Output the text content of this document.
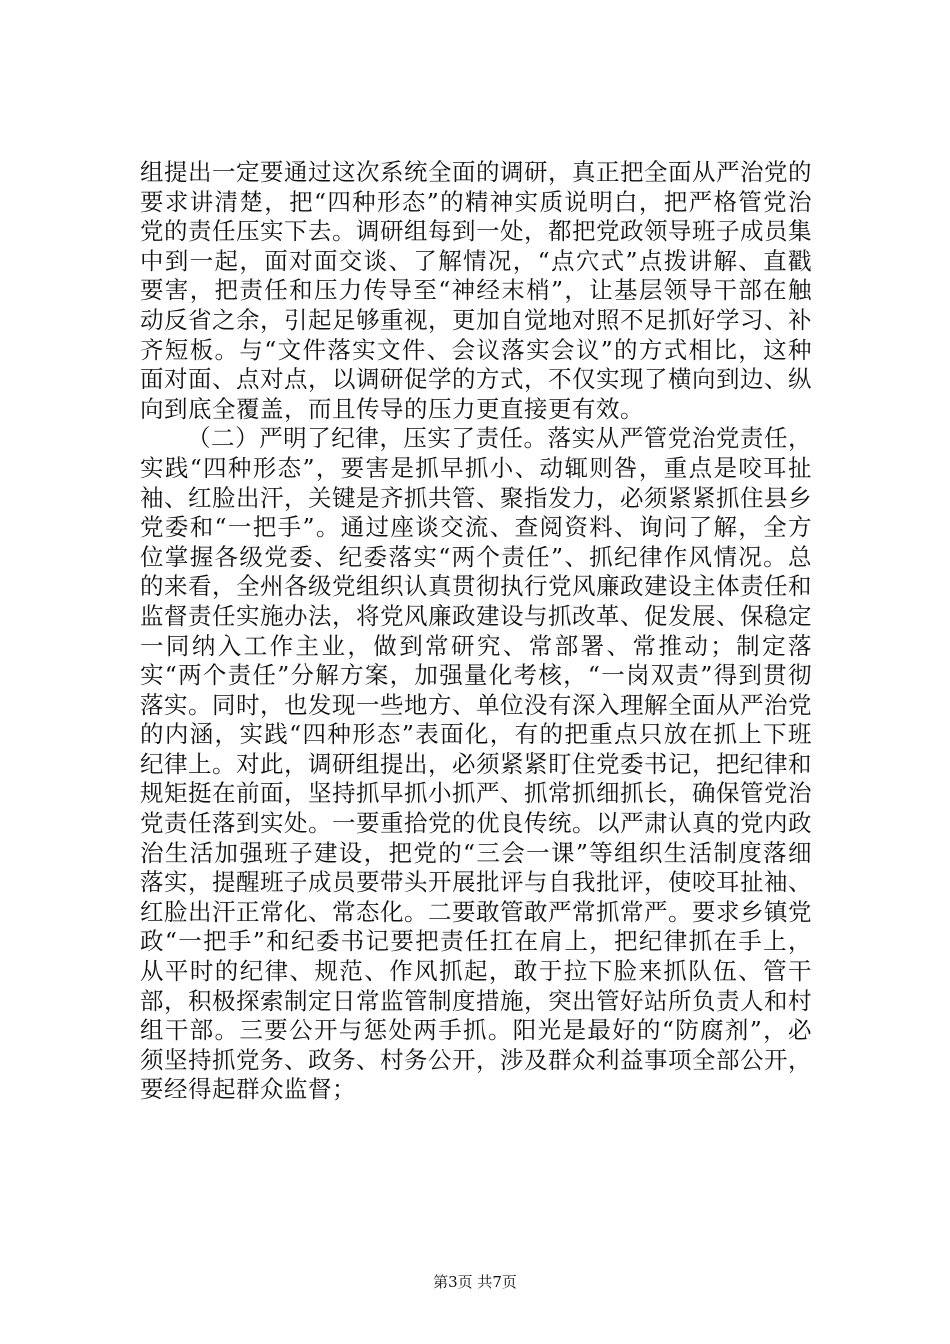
组提出一定要通过这次系统全面的调研，真正把全面从严治党的要求讲清楚，把“四种形态”的精神实质说明白，把严格管党治党的责任压实下去。调研组每到一处，都把党政领导班子成员集中到一起，面对面交谈、了解情况，“点穴式”点拨讲解、直戳要害，把责任和压力传导至“神经末梢”，让基层领导干部在触动反省之余，引起足够重视，更加自觉地对照不足抓好学习、补齐短板。与“文件落实文件、会议落实会议”的方式相比，这种面对面、点对点，以调研促学的方式，不仅实现了横向到边、纵向到底全覆盖，而且传导的压力更直接更有效。

（二）严明了纪律，压实了责任。落实从严管党治党责任，实践“四种形态”，要害是抓早抓小、动辄则咎，重点是咬耳扯袖、红脸出汗，关键是齐抓共管、聚指发力，必须紧紧抓住县乡党委和“一把手”。通过座谈交流、查阅资料、询问了解，全方位掌握各级党委、纪委落实“两个责任”、抓纪律作风情况。总的来看，全州各级党组织认真贯彻执行党风廉政建设主体责任和监督责任实施办法，将党风廉政建设与抓改革、促发展、保稳定一同纳入工作主业，做到常研究、常部署、常推动；制定落实“两个责任”分解方案，加强量化考核，“一岗双责”得到贯彻落实。同时，也发现一些地方、单位没有深入理解全面从严治党的内涵，实践“四种形态”表面化，有的把重点只放在抓上下班纪律上。对此，调研组提出，必须紧紧盯住党委书记，把纪律和规矩挺在前面，坚持抓早抓小抓严、抓常抓细抓长，确保管党治党责任落到实处。一要重拾党的优良传统。以严肃认真的党内政治生活加强班子建设，把党的“三会一课”等组织生活制度落细落实，提醒班子成员要带头开展批评与自我批评，使咬耳扯袖、红脸出汗正常化、常态化。二要敢管敢严常抓常严。要求乡镇党政“一把手”和纪委书记要把责任扛在肩上，把纪律抓在手上，从平时的纪律、规范、作风抓起，敢于拉下脸来抓队伍、管干部，积极探索制定日常监管制度措施，突出管好站所负责人和村组干部。三要公开与惩处两手抓。阳光是最好的“防腐剂”，必须坚持抓党务、政务、村务公开，涉及群众利益事项全部公开，要经得起群众监督；

第3页 共7页
